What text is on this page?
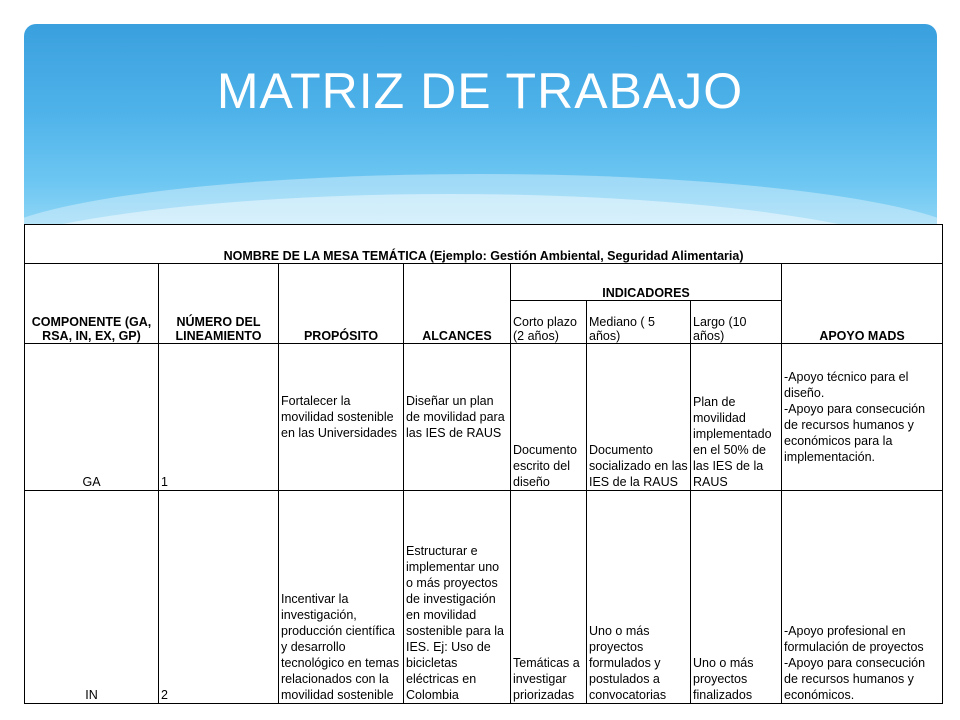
MATRIZ DE TRABAJO
NOMBRE DE LA MESA TEMÁTICA (Ejemplo: Gestión Ambiental, Seguridad Alimentaria)							
COMPONENTE (GA, RSA, IN, EX, GP)	NÚMERO DEL LINEAMIENTO	PROPÓSITO	ALCANCES	INDICADORES			APOYO MADS
				Corto plazo (2 años)	Mediano ( 5 años)	Largo (10 años)	
GA	1	Fortalecer la movilidad sostenible en las Universidades	Diseñar un plan de movilidad para las IES de RAUS	Documento escrito del diseño	Documento socializado en las IES de la RAUS	Plan de movilidad implementado en el 50% de las IES de la RAUS	-Apoyo técnico para el diseño.
-Apoyo para consecución de recursos humanos y económicos para la implementación.
IN	2	Incentivar la investigación, producción científica y desarrollo tecnológico en temas relacionados con la movilidad sostenible	Estructurar e implementar uno o más proyectos de investigación en movilidad sostenible para la IES. Ej: Uso de bicicletas eléctricas en Colombia	Temáticas a investigar priorizadas	Uno o más proyectos formulados y postulados a convocatorias	Uno o más proyectos finalizados	-Apoyo profesional en formulación de proyectos
-Apoyo para consecución de recursos humanos y económicos.
